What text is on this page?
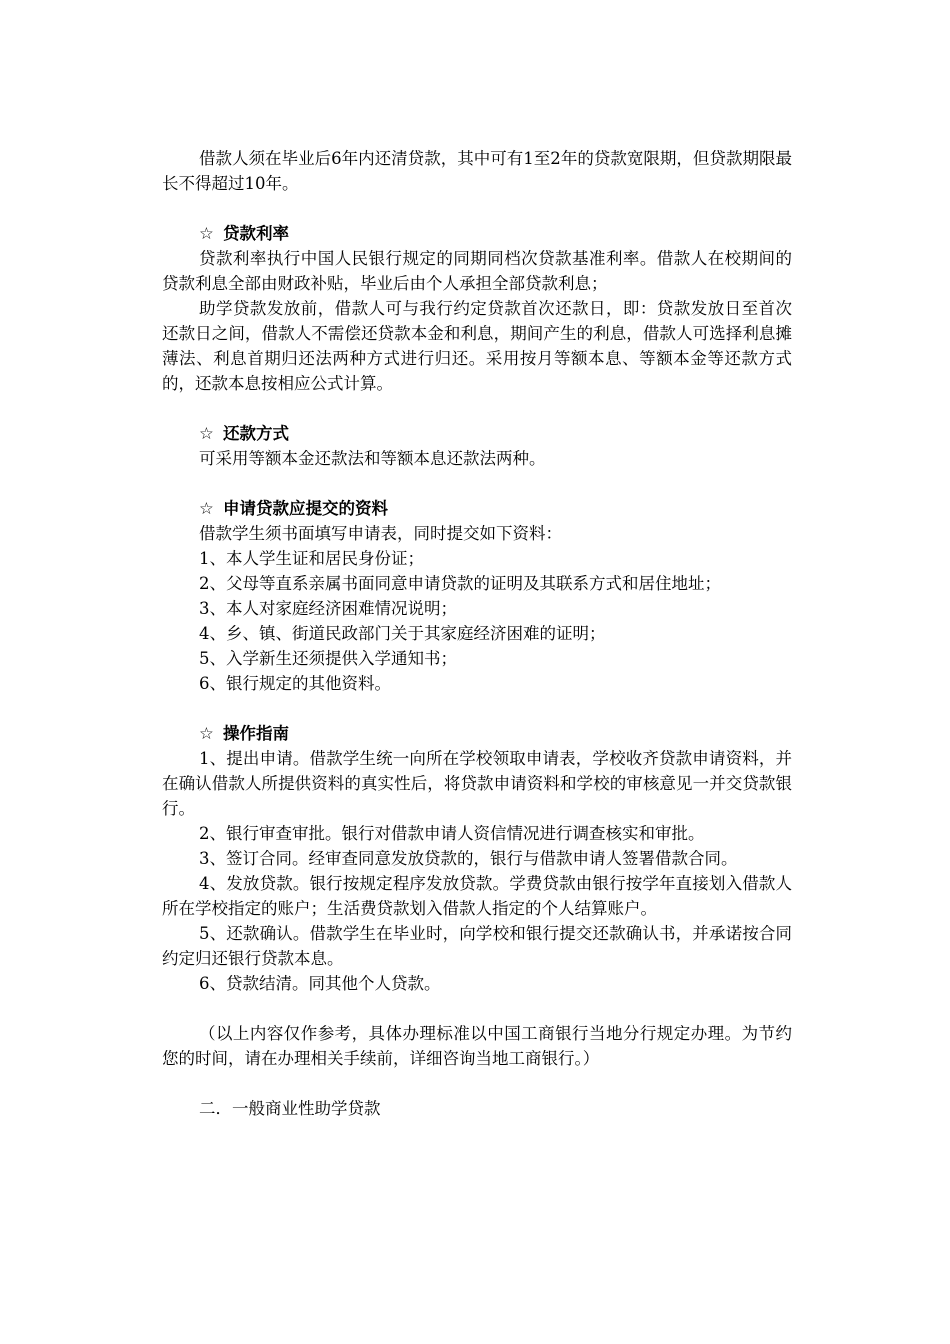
借款人须在毕业后6年内还清贷款，其中可有1至2年的贷款宽限期，但贷款期限最长不得超过10年。

☆ 贷款利率

贷款利率执行中国人民银行规定的同期同档次贷款基准利率。借款人在校期间的贷款利息全部由财政补贴，毕业后由个人承担全部贷款利息；

助学贷款发放前，借款人可与我行约定贷款首次还款日，即：贷款发放日至首次还款日之间，借款人不需偿还贷款本金和利息，期间产生的利息，借款人可选择利息摊薄法、利息首期归还法两种方式进行归还。采用按月等额本息、等额本金等还款方式的，还款本息按相应公式计算。

☆ 还款方式

可采用等额本金还款法和等额本息还款法两种。

☆ 申请贷款应提交的资料

借款学生须书面填写申请表，同时提交如下资料：

1、本人学生证和居民身份证；

2、父母等直系亲属书面同意申请贷款的证明及其联系方式和居住地址；

3、本人对家庭经济困难情况说明；

4、乡、镇、街道民政部门关于其家庭经济困难的证明；

5、入学新生还须提供入学通知书；

6、银行规定的其他资料。

☆ 操作指南

1、提出申请。借款学生统一向所在学校领取申请表，学校收齐贷款申请资料，并在确认借款人所提供资料的真实性后，将贷款申请资料和学校的审核意见一并交贷款银行。

2、银行审查审批。银行对借款申请人资信情况进行调查核实和审批。

3、签订合同。经审查同意发放贷款的，银行与借款申请人签署借款合同。

4、发放贷款。银行按规定程序发放贷款。学费贷款由银行按学年直接划入借款人所在学校指定的账户；生活费贷款划入借款人指定的个人结算账户。

5、还款确认。借款学生在毕业时，向学校和银行提交还款确认书，并承诺按合同约定归还银行贷款本息。

6、贷款结清。同其他个人贷款。

（以上内容仅作参考，具体办理标准以中国工商银行当地分行规定办理。为节约您的时间，请在办理相关手续前，详细咨询当地工商银行。）

二．一般商业性助学贷款
